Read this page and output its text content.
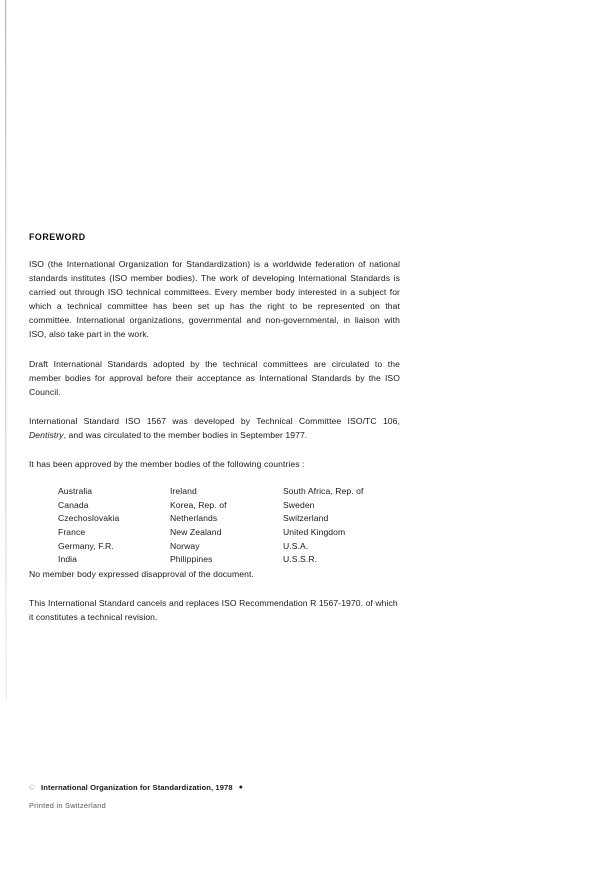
FOREWORD

ISO (the International Organization for Standardization) is a worldwide federation of national standards institutes (ISO member bodies). The work of developing International Standards is carried out through ISO technical committees. Every member body interested in a subject for which a technical committee has been set up has the right to be represented on that committee. International organizations, governmental and non-governmental, in liaison with ISO, also take part in the work.

Draft International Standards adopted by the technical committees are circulated to the member bodies for approval before their acceptance as International Standards by the ISO Council.

International Standard ISO 1567 was developed by Technical Committee ISO/TC 106, Dentistry, and was circulated to the member bodies in September 1977.

It has been approved by the member bodies of the following countries :

Australia	Ireland	South Africa, Rep. of
Canada	Korea, Rep. of	Sweden
Czechoslovakia	Netherlands	Switzerland
France	New Zealand	United Kingdom
Germany, F.R.	Norway	U.S.A.
India	Philippines	U.S.S.R.

No member body expressed disapproval of the document.

This International Standard cancels and replaces ISO Recommendation R 1567-1970. of which it constitutes a technical revision.

© International Organization for Standardization, 1978 ●
Printed in Switzerland
